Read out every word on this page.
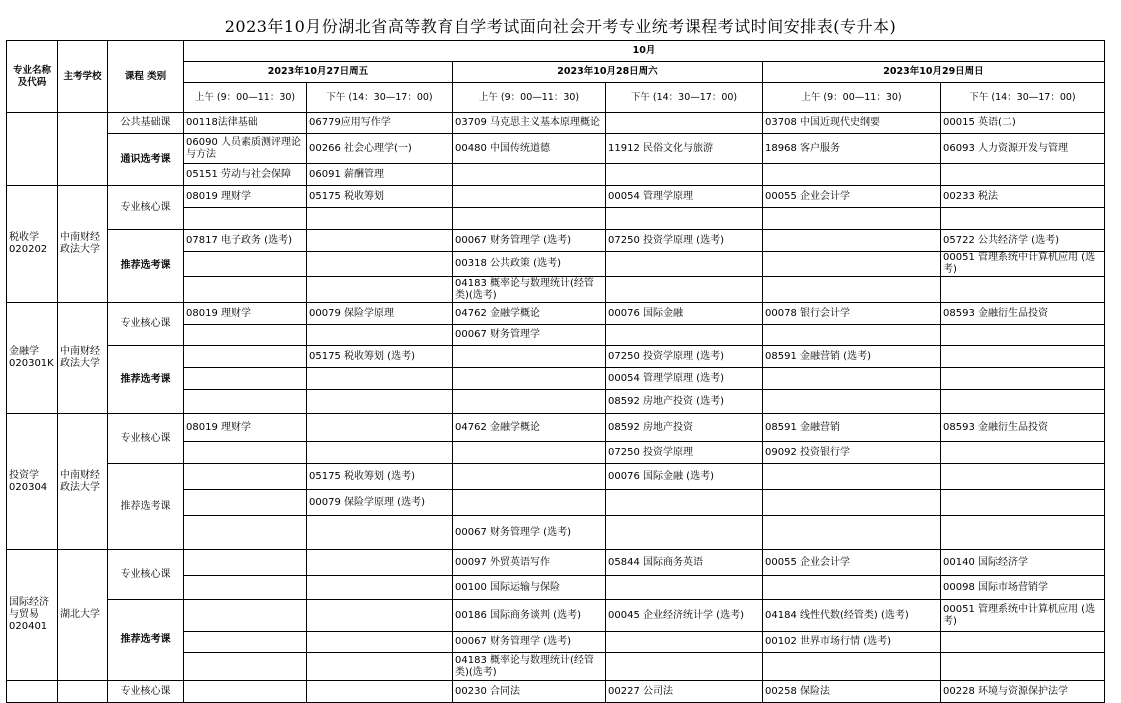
2023年10月份湖北省高等教育自学考试面向社会开考专业统考课程考试时间安排表(专升本)
专业名称及代码	主考学校	课程 类别	10月					
			2023年10月27日周五		2023年10月28日周六		2023年10月29日周日	
			上午 (9：00—11：30)	下午 (14：30—17：00)	上午 (9：00—11：30)	下午 (14：30—17：00)	上午 (9：00—11：30)	下午 (14：30—17：00)
		公共基础课	00118法律基础	06779应用写作学	03709 马克思主义基本原理概论		03708 中国近现代史纲要	00015 英语(二)
		通识选考课	06090 人员素质测评理论与方法	00266 社会心理学(一)	00480 中国传统道德	11912 民俗文化与旅游	18968 客户服务	06093 人力资源开发与管理
			05151 劳动与社会保障	06091 薪酬管理				
税收学020202	中南财经政法大学	专业核心课	08019 理财学	05175 税收筹划		00054 管理学原理	00055 企业会计学	00233 税法

		推荐选考课	07817 电子政务 (选考)		00067 财务管理学 (选考)	07250 投资学原理 (选考)		05722 公共经济学 (选考)
					00318 公共政策 (选考)			00051 管理系统中计算机应用 (选考)
					04183 概率论与数理统计(经管类)(选考)			
金融学020301K	中南财经政法大学	专业核心课	08019 理财学	00079 保险学原理	04762 金融学概论	00076 国际金融	00078 银行会计学	08593 金融衍生品投资
					00067 财务管理学			
		推荐选考课		05175 税收筹划 (选考)		07250 投资学原理 (选考)	08591 金融营销 (选考)	
						00054 管理学原理 (选考)		
						08592 房地产投资 (选考)		
投资学020304	中南财经政法大学	专业核心课	08019 理财学		04762 金融学概论	08592 房地产投资	08591 金融营销	08593 金融衍生品投资
						07250 投资学原理	09092 投资银行学	
		推荐选考课		05175 税收筹划 (选考)		00076 国际金融 (选考)		
				00079 保险学原理 (选考)				
					00067 财务管理学 (选考)			
国际经济与贸易020401	湖北大学	专业核心课			00097 外贸英语写作	05844 国际商务英语	00055 企业会计学	00140 国际经济学
					00100 国际运输与保险			00098 国际市场营销学
		推荐选考课			00186 国际商务谈判 (选考)	00045 企业经济统计学 (选考)	04184 线性代数(经管类) (选考)	00051 管理系统中计算机应用 (选考)
					00067 财务管理学 (选考)		00102 世界市场行情 (选考)	
					04183 概率论与数理统计(经管类)(选考)			
		专业核心课			00230 合同法	00227 公司法	00258 保险法	00228 环境与资源保护法学
